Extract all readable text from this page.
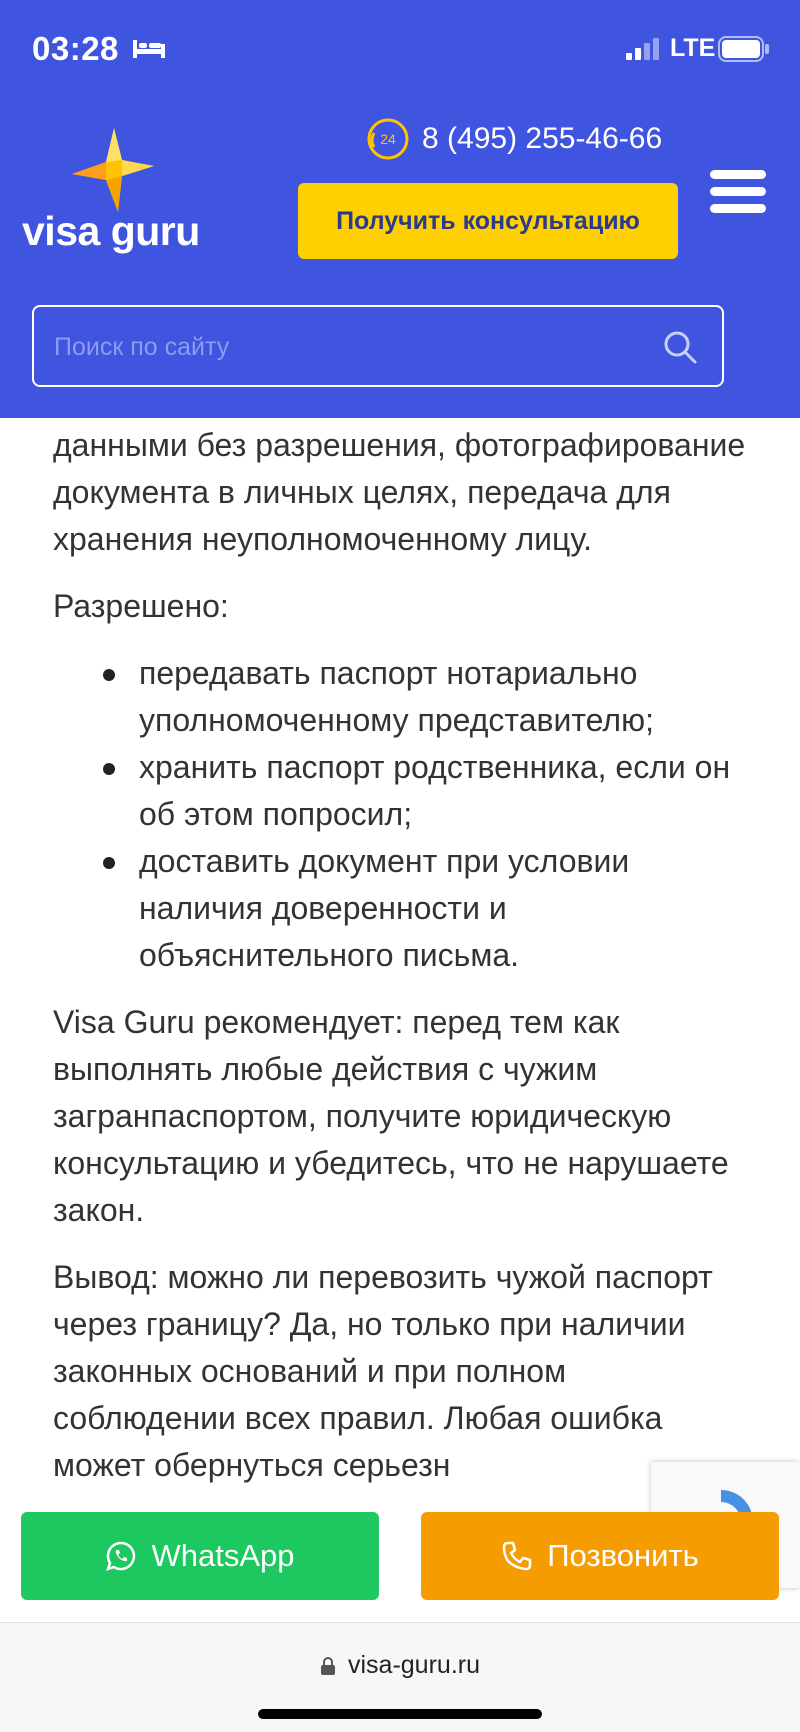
03:28	LTE
visa guru
24 8 (495) 255-46-66
Получить консультацию
Поиск по сайту

данными без разрешения, фотографирование документа в личных целях, передача для хранения неуполномоченному лицу.

Разрешено:

передавать паспорт нотариально уполномоченному представителю;
хранить паспорт родственника, если он об этом попросил;
доставить документ при условии наличия доверенности и объяснительного письма.

Visa Guru рекомендует: перед тем как выполнять любые действия с чужим загранпаспортом, получите юридическую консультацию и убедитесь, что не нарушаете закон.

Вывод: можно ли перевозить чужой паспорт через границу? Да, но только при наличии законных оснований и при полном соблюдении всех правил. Любая ошибка может обернуться серьезн

WhatsApp	Позвонить
visa-guru.ru
